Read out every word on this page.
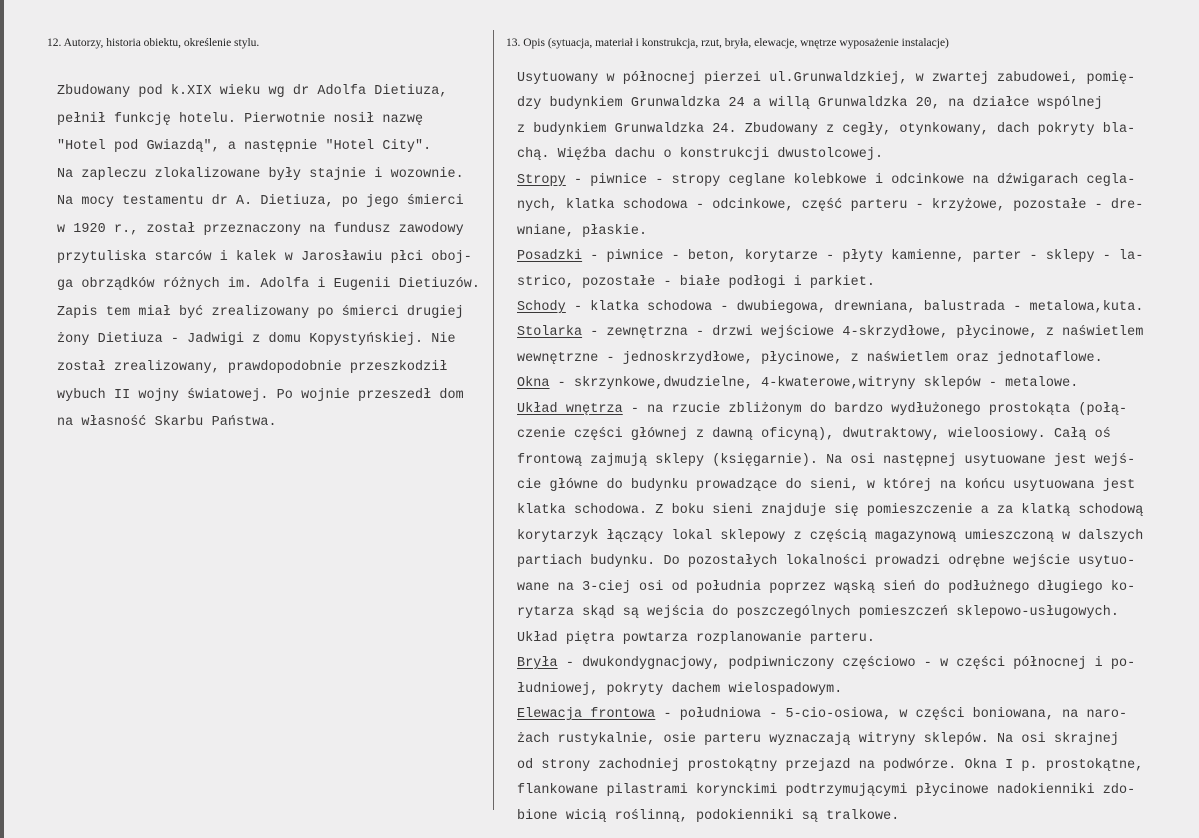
12. Autorzy, historia obiektu, określenie stylu.	13. Opis (sytuacja, materiał i konstrukcja, rzut, bryła, elewacje, wnętrze wyposażenie instalacje)
Zbudowany pod k.XIX wieku wg dr Adolfa Dietiuza,
pełnił funkcję hotelu. Pierwotnie nosił nazwę
"Hotel pod Gwiazdą", a następnie "Hotel City".
Na zapleczu zlokalizowane były stajnie i wozownie.
Na mocy testamentu dr A. Dietiuza, po jego śmierci
w 1920 r., został przeznaczony na fundusz zawodowy
przytuliska starców i kalek w Jarosławiu płci oboj-
ga obrządków różnych im. Adolfa i Eugenii Dietiuzów.
Zapis tem miał być zrealizowany po śmierci drugiej
żony Dietiuza - Jadwigi z domu Kopystyńskiej. Nie
został zrealizowany, prawdopodobnie przeszkodził
wybuch II wojny światowej. Po wojnie przeszedł dom
na własność Skarbu Państwa.
Usytuowany w północnej pierzei ul.Grunwaldzkiej, w zwartej zabudowei, pomię-
dzy budynkiem Grunwaldzka 24 a willą Grunwaldzka 20, na działce wspólnej
z budynkiem Grunwaldzka 24. Zbudowany z cegły, otynkowany, dach pokryty bla-
chą. Więźba dachu o konstrukcji dwustolcowej.
Stropy - piwnice - stropy ceglane kolebkowe i odcinkowe na dźwigarach cegla-
nych, klatka schodowa - odcinkowe, część parteru - krzyżowe, pozostałe - dre-
wniane, płaskie.
Posadzki - piwnice - beton, korytarze - płyty kamienne, parter - sklepy - la-
strico, pozostałe - białe podłogi i parkiet.
Schody - klatka schodowa - dwubiegowa, drewniana, balustrada - metalowa,kuta.
Stolarka - zewnętrzna - drzwi wejściowe 4-skrzydłowe, płycinowe, z naświetlem
wewnętrzne - jednoskrzydłowe, płycinowe, z naświetlem oraz jednotaflowe.
Okna - skrzynkowe,dwudzielne, 4-kwaterowe,witryny sklepów - metalowe.
Układ wnętrza - na rzucie zbliżonym do bardzo wydłużonego prostokąta (połą-
czenie części głównej z dawną oficyną), dwutraktowy, wieloosiowy. Całą oś
frontową zajmują sklepy (księgarnie). Na osi następnej usytuowane jest wejś-
cie główne do budynku prowadzące do sieni, w której na końcu usytuowana jest
klatka schodowa. Z boku sieni znajduje się pomieszczenie a za klatką schodową
korytarzyk łączący lokal sklepowy z częścią magazynową umieszczoną w dalszych
partiach budynku. Do pozostałych lokalności prowadzi odrębne wejście usytuo-
wane na 3-ciej osi od południa poprzez wąską sień do podłużnego długiego ko-
rytarza skąd są wejścia do poszczególnych pomieszczeń sklepowo-usługowych.
Układ piętra powtarza rozplanowanie parteru.
Bryła - dwukondygnacjowy, podpiwniczony częściowo - w części północnej i po-
łudniowej, pokryty dachem wielospadowym.
Elewacja frontowa - południowa - 5-cio-osiowa, w części boniowana, na naro-
żach rustykalnie, osie parteru wyznaczają witryny sklepów. Na osi skrajnej
od strony zachodniej prostokątny przejazd na podwórze. Okna I p. prostokątne,
flankowane pilastrami korynckimi podtrzymującymi płycinowe nadokienniki zdo-
bione wicią roślinną, podokienniki są tralkowe.
